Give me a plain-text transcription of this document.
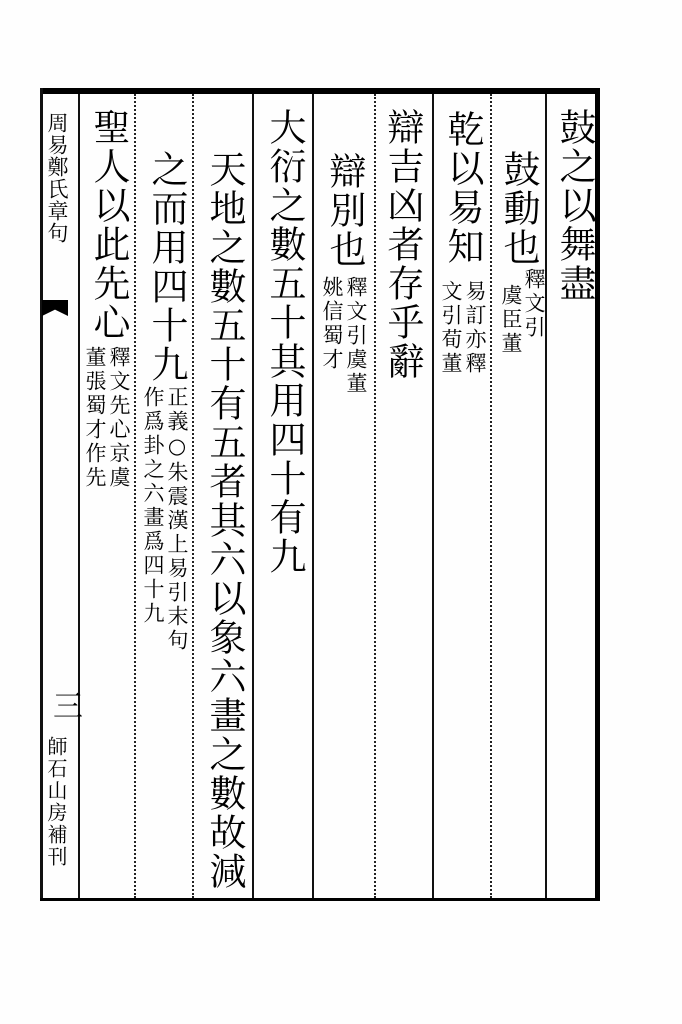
周易鄭氏章句
三
師石山房補刊
鼓之以舞盡
鼓動也
釋文引
虞臣董
乾以易知
易訂亦釋
文引荀董
辯吉凶者存乎辭
辯別也
釋文引虞董
姚信蜀才
大衍之數五十其用四十有九
天地之數五十有五者其六以象六畫之數故減
之而用四十九
正義○朱震漢上易引末句
作爲卦之六畫爲四十九
聖人以此先心
釋文先心京虞
董張蜀才作先
